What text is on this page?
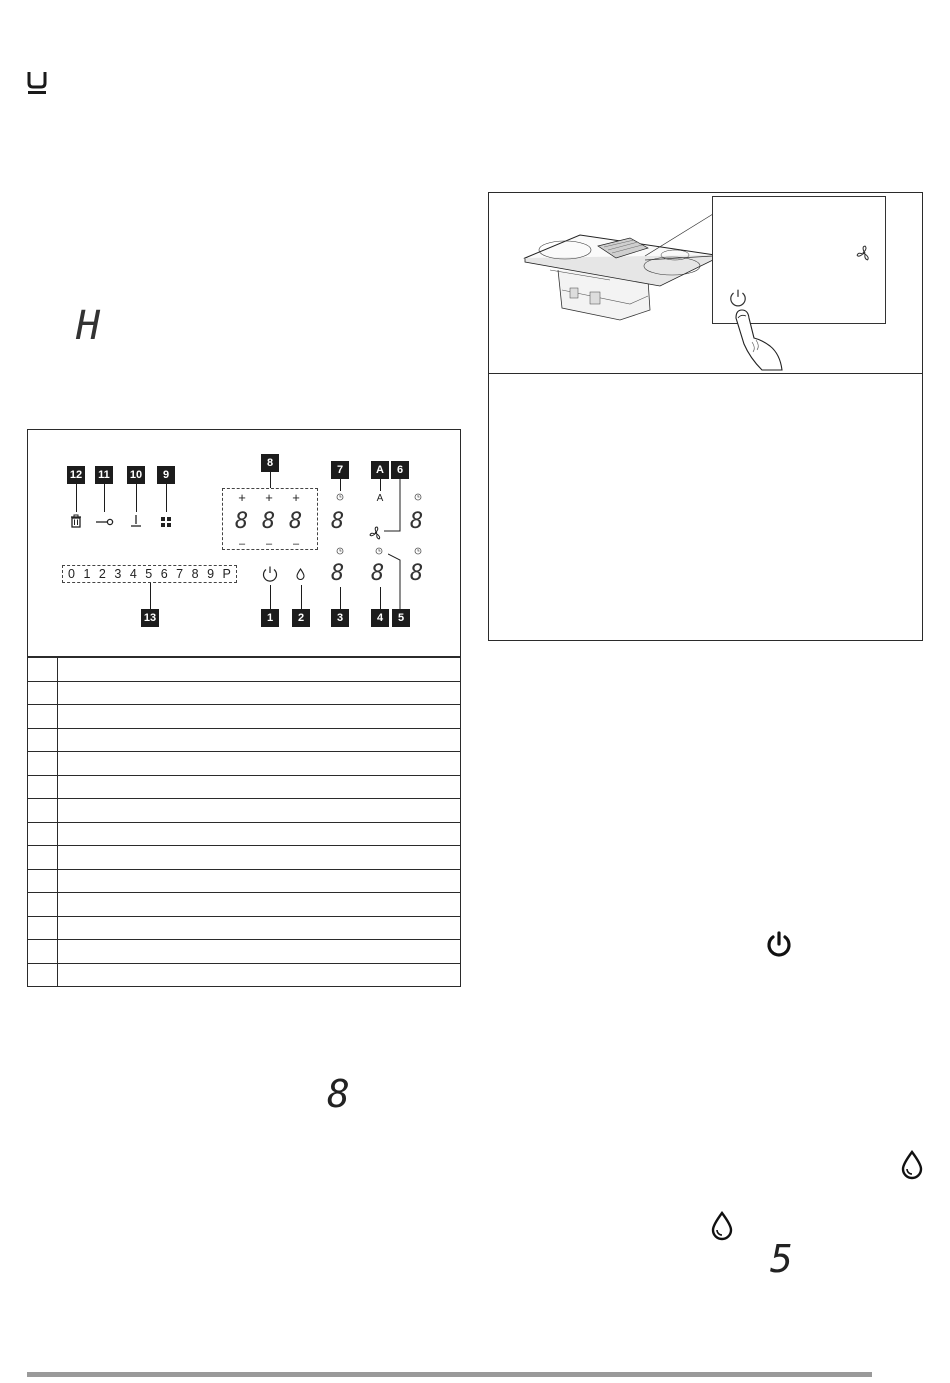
H
12 11 10	9
0 1 2 3 4 5 6 7 8 9 P
13
8
+ + +
8 8 8
– – –
1	2
7
8
8
3
A	6
A
8
4	5
8
8

8
5
